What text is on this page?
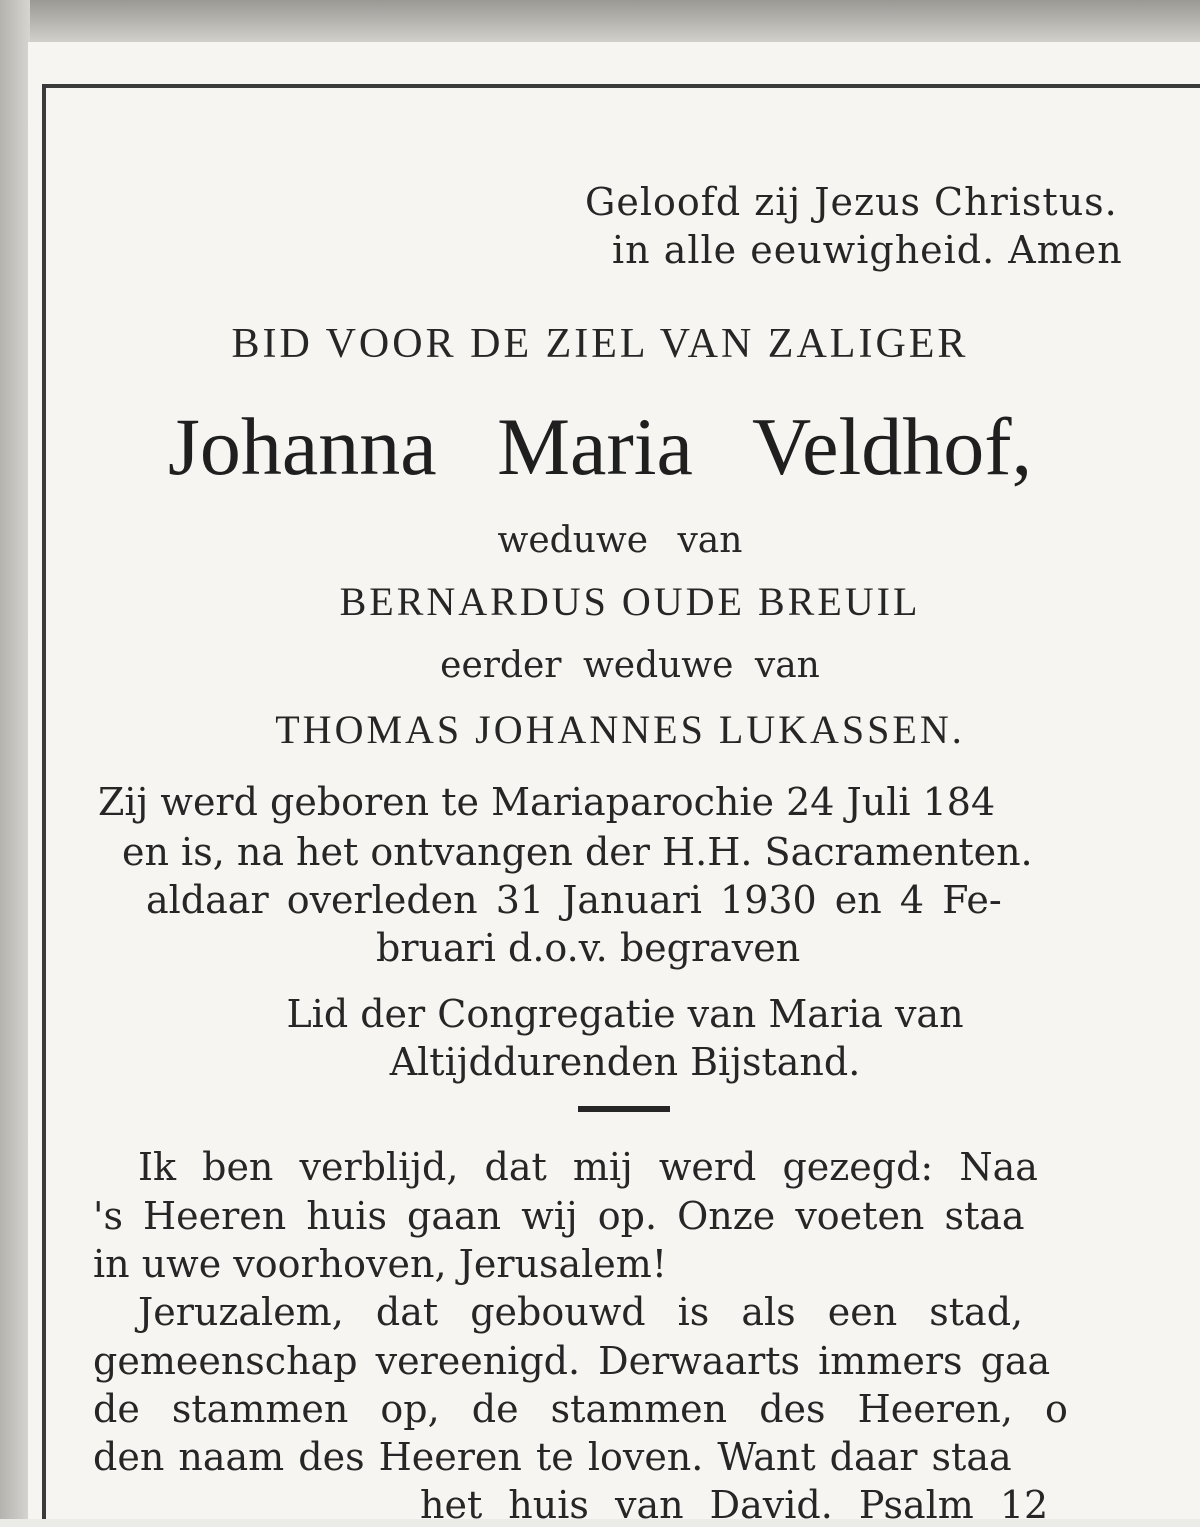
Geloofd zij Jezus Christus.

in alle eeuwigheid. Amen

BID VOOR DE ZIEL VAN ZALIGER

Johanna Maria Veldhof,

weduwe van

BERNARDUS OUDE BREUIL

eerder weduwe van

THOMAS JOHANNES LUKASSEN.

Zij werd geboren te Mariaparochie 24 Juli 184

en is, na het ontvangen der H.H. Sacramenten.

aldaar overleden 31 Januari 1930 en 4 Fe-

bruari d.o.v. begraven

Lid der Congregatie van Maria van

Altijddurenden Bijstand.

Ik ben verblijd, dat mij werd gezegd: Naa

's Heeren huis gaan wij op. Onze voeten staa

in uwe voorhoven, Jerusalem!

Jeruzalem, dat gebouwd is als een stad,

gemeenschap vereenigd. Derwaarts immers gaa

de stammen op, de stammen des Heeren, o

den naam des Heeren te loven. Want daar staa

het huis van David. Psalm 12
